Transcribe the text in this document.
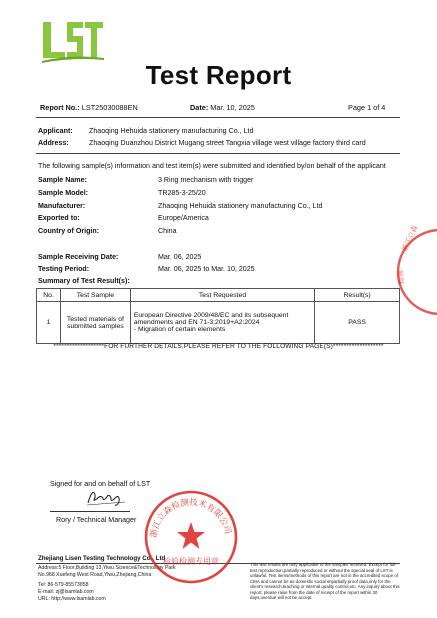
Test Report
Report No.: LST25030088EN	Date: Mar. 10, 2025	Page 1 of 4
Applicant: Zhaoqing Hehuida stationery manufacturing Co., Ltd
Address:	Zhaoqing Duanzhou District Mugang street Tangxia village west village factory third card
The following sample(s) information and test item(s) were submitted and identified by/on behalf of the applicant
Sample Name:	3 Ring mechanism with trigger
Sample Model:	TR285-3-25/20
Manufacturer:	Zhaoqing Hehuida stationery manufacturing Co., Ltd
Exported to:	Europe/America
Country of Origin:	China
Sample Receiving Date:	Mar. 06, 2025
Testing Period:	Mar. 06, 2025 to Mar. 10, 2025
Summary of Test Result(s):
No.	Test Sample	Test Requested	Result(s)
1	Tested materials of submitted samples	European Directive 2009/48/EC and its subsequent amendments and EN 71-3:2019+A2:2024
- Migration of certain elements	PASS
*******************FOR FURTHER DETAILS,PLEASE REFER TO THE FOLLOWING PAGE(S)*******************
Signed for and on behalf of LST
Rory / Technical Manager
Zhejiang Lisen Testing Technology Co., Ltd
Address:5 Floor,Building 13,Yiwu Science&Technology Park
No.968 Xuefeng West Road,Yiwu,Zhejiang,China
Tel: 86-579-85573858
E-mail: zj@lsamlab.com
URL: http://www.lsamlab.com
This test results are only applicable to the samples received. Except for full-text reproduction,partially reproduced or without the special seal of LST is unlawful. Test items/methods of this report are not in the accredited scope of CMA and cannot be as domestic social impartially proof data,only for the client's research,teaching or internal quality control,etc. Any inquiry about this report, please raise from the date of receipt of the report within 30 days,overdue will not be accept.
浙江立森检测技术有限公司
检验检测专用章
浙江立森
检测
